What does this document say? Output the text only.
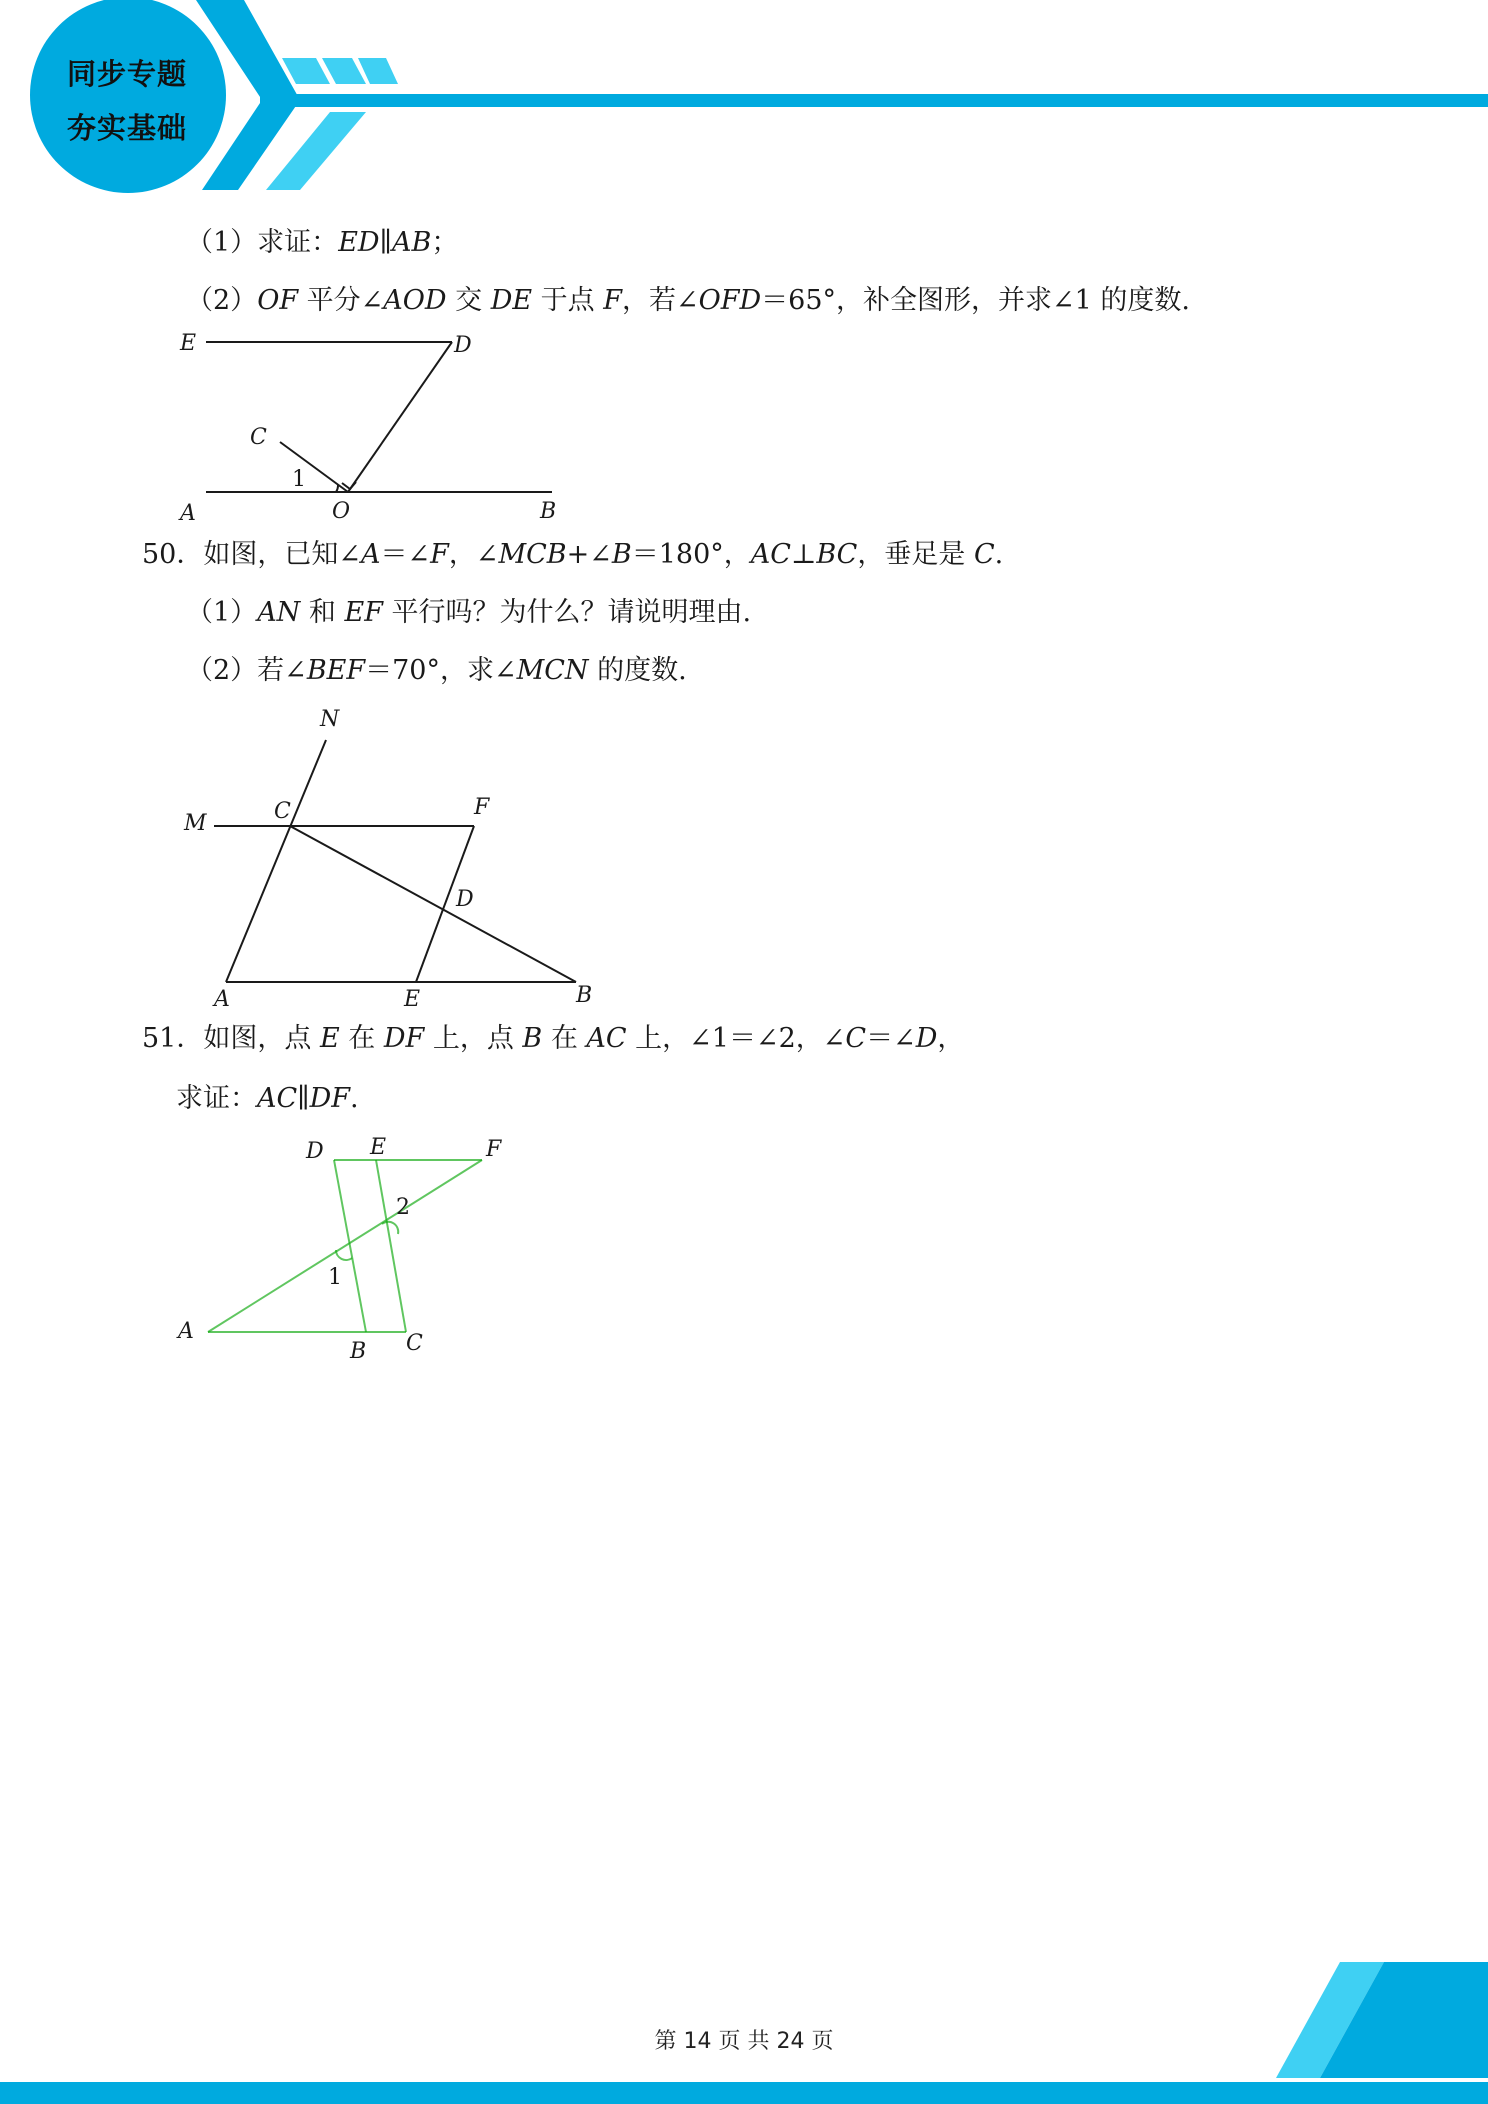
同步专题
夯实基础
（1）求证：ED∥AB；
（2）OF 平分∠AOD 交 DE 于点 F，若∠OFD＝65°，补全图形，并求∠1 的度数.
E	D
C
1
A	O	B
50．如图，已知∠A＝∠F，∠MCB+∠B＝180°，AC⊥BC，垂足是 C.
（1）AN 和 EF 平行吗？为什么？请说明理由.
（2）若∠BEF＝70°，求∠MCN 的度数.
N
M	C	F
D
A	E	B
51．如图，点 E 在 DF 上，点 B 在 AC 上，∠1＝∠2，∠C＝∠D，
求证：AC∥DF.
D E	F
2
1
A
B C
第 14 页 共 24 页
